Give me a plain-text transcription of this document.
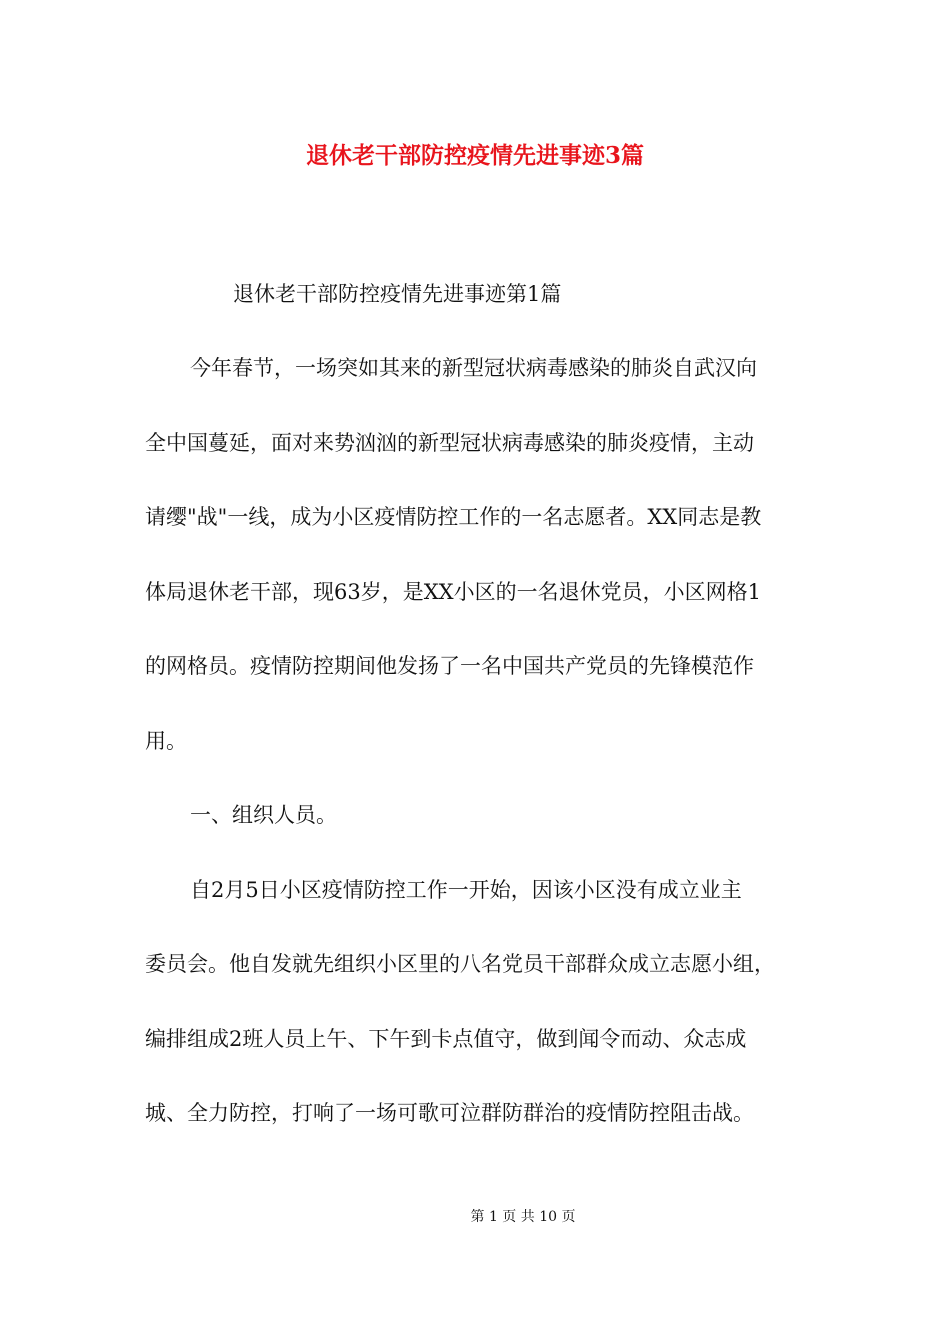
退休老干部防控疫情先进事迹3篇
退休老干部防控疫情先进事迹第1篇
今年春节，一场突如其来的新型冠状病毒感染的肺炎自武汉向
全中国蔓延，面对来势汹汹的新型冠状病毒感染的肺炎疫情，主动
请缨"战"一线，成为小区疫情防控工作的一名志愿者。XX同志是教
体局退休老干部，现63岁，是XX小区的一名退休党员，小区网格1
的网格员。疫情防控期间他发扬了一名中国共产党员的先锋模范作
用。
一、组织人员。
自2月5日小区疫情防控工作一开始，因该小区没有成立业主
委员会。他自发就先组织小区里的八名党员干部群众成立志愿小组，
编排组成2班人员上午、下午到卡点值守，做到闻令而动、众志成
城、全力防控，打响了一场可歌可泣群防群治的疫情防控阻击战。
第 1 页 共 10 页
